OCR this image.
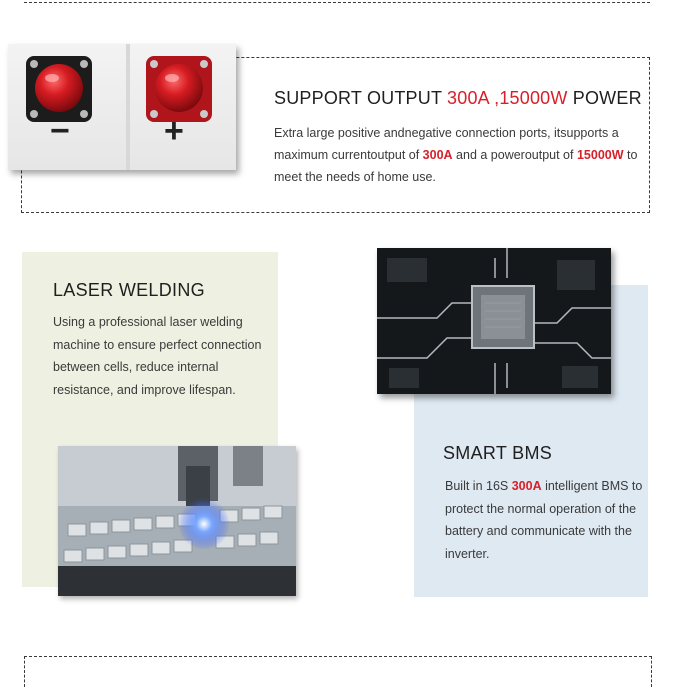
−	+
SUPPORT OUTPUT 300A ,15000W POWER
Extra large positive andnegative connection ports, itsupports a maximum currentoutput of 300A and a poweroutput of 15000W to meet the needs of home use.
LASER WELDING
Using a professional laser welding machine to ensure perfect connection between cells, reduce internal resistance, and improve lifespan.
SMART BMS
Built in 16S 300A intelligent BMS to protect the normal operation of the battery and communicate with the inverter.
